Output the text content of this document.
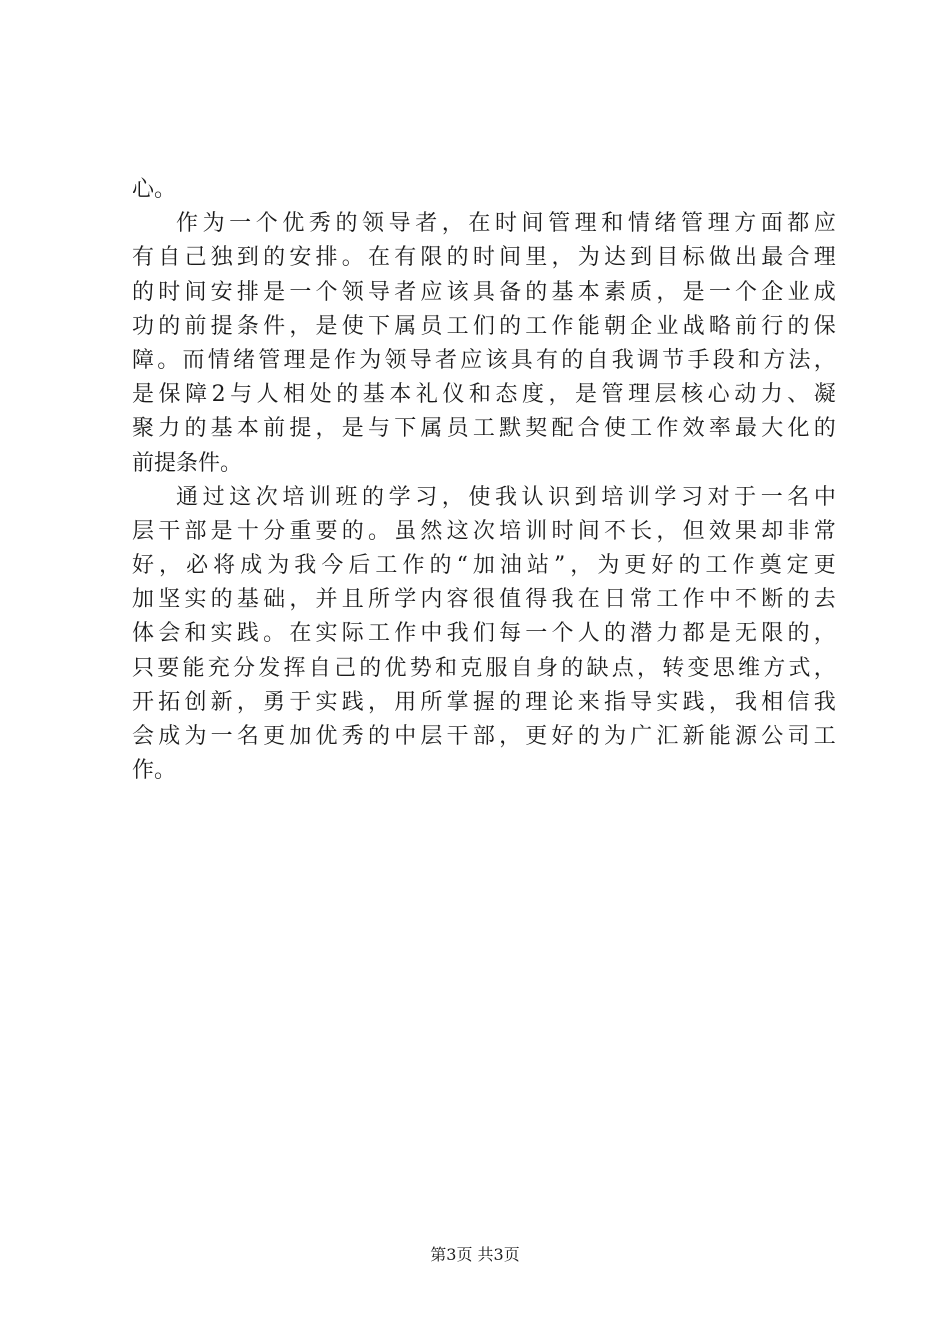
心。
作 为 一 个 优 秀 的 领 导 者 ， 在 时 间 管 理 和 情 绪 管 理 方 面 都 应
有 自 己 独 到 的 安 排 。 在 有 限 的 时 间 里 ， 为 达 到 目 标 做 出 最 合 理
的 时 间 安 排 是 一 个 领 导 者 应 该 具 备 的 基 本 素 质 ， 是 一 个 企 业 成
功 的 前 提 条 件 ， 是 使 下 属 员 工 们 的 工 作 能 朝 企 业 战 略 前 行 的 保
障 。 而 情 绪 管 理 是 作 为 领 导 者 应 该 具 有 的 自 我 调 节 手 段 和 方 法 ，
是 保 障 2 与 人 相 处 的 基 本 礼 仪 和 态 度 ， 是 管 理 层 核 心 动 力 、 凝
聚 力 的 基 本 前 提 ， 是 与 下 属 员 工 默 契 配 合 使 工 作 效 率 最 大 化 的
前提条件。
通 过 这 次 培 训 班 的 学 习 ， 使 我 认 识 到 培 训 学 习 对 于 一 名 中
层 干 部 是 十 分 重 要 的 。 虽 然 这 次 培 训 时 间 不 长 ， 但 效 果 却 非 常
好 ， 必 将 成 为 我 今 后 工 作 的 “ 加 油 站 ” ， 为 更 好 的 工 作 奠 定 更
加 坚 实 的 基 础 ， 并 且 所 学 内 容 很 值 得 我 在 日 常 工 作 中 不 断 的 去
体 会 和 实 践 。 在 实 际 工 作 中 我 们 每 一 个 人 的 潜 力 都 是 无 限 的 ，
只 要 能 充 分 发 挥 自 己 的 优 势 和 克 服 自 身 的 缺 点 ， 转 变 思 维 方 式 ，
开 拓 创 新 ， 勇 于 实 践 ， 用 所 掌 握 的 理 论 来 指 导 实 践 ， 我 相 信 我
会 成 为 一 名 更 加 优 秀 的 中 层 干 部 ， 更 好 的 为 广 汇 新 能 源 公 司 工
作。
第3页 共3页
